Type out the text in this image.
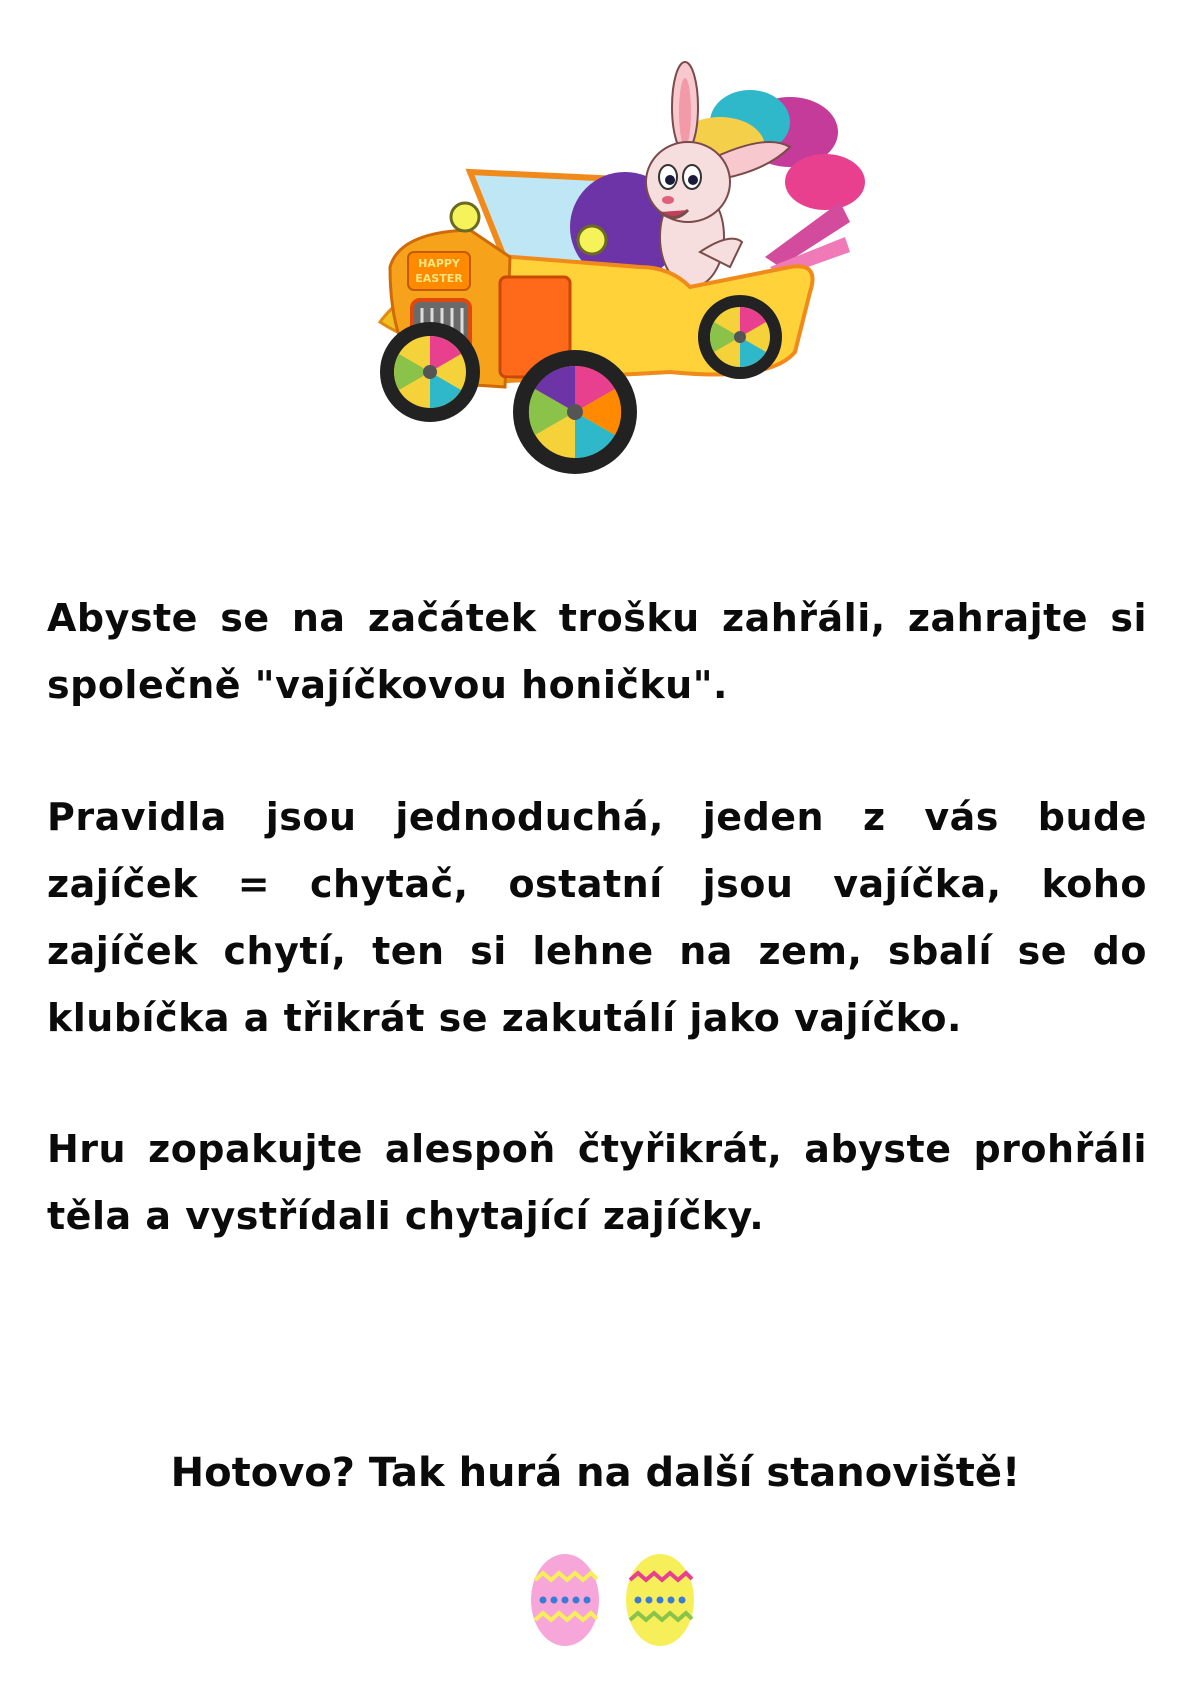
HAPPY
EASTER
Abyste se na začátek trošku zahřáli, zahrajte si společně "vajíčkovou honičku".
Pravidla jsou jednoduchá, jeden z vás bude zajíček = chytač, ostatní jsou vajíčka, koho zajíček chytí, ten si lehne na zem, sbalí se do klubíčka a třikrát se zakutálí jako vajíčko.
Hru zopakujte alespoň čtyřikrát, abyste prohřáli těla a vystřídali chytající zajíčky.
Hotovo? Tak hurá na další stanoviště!
